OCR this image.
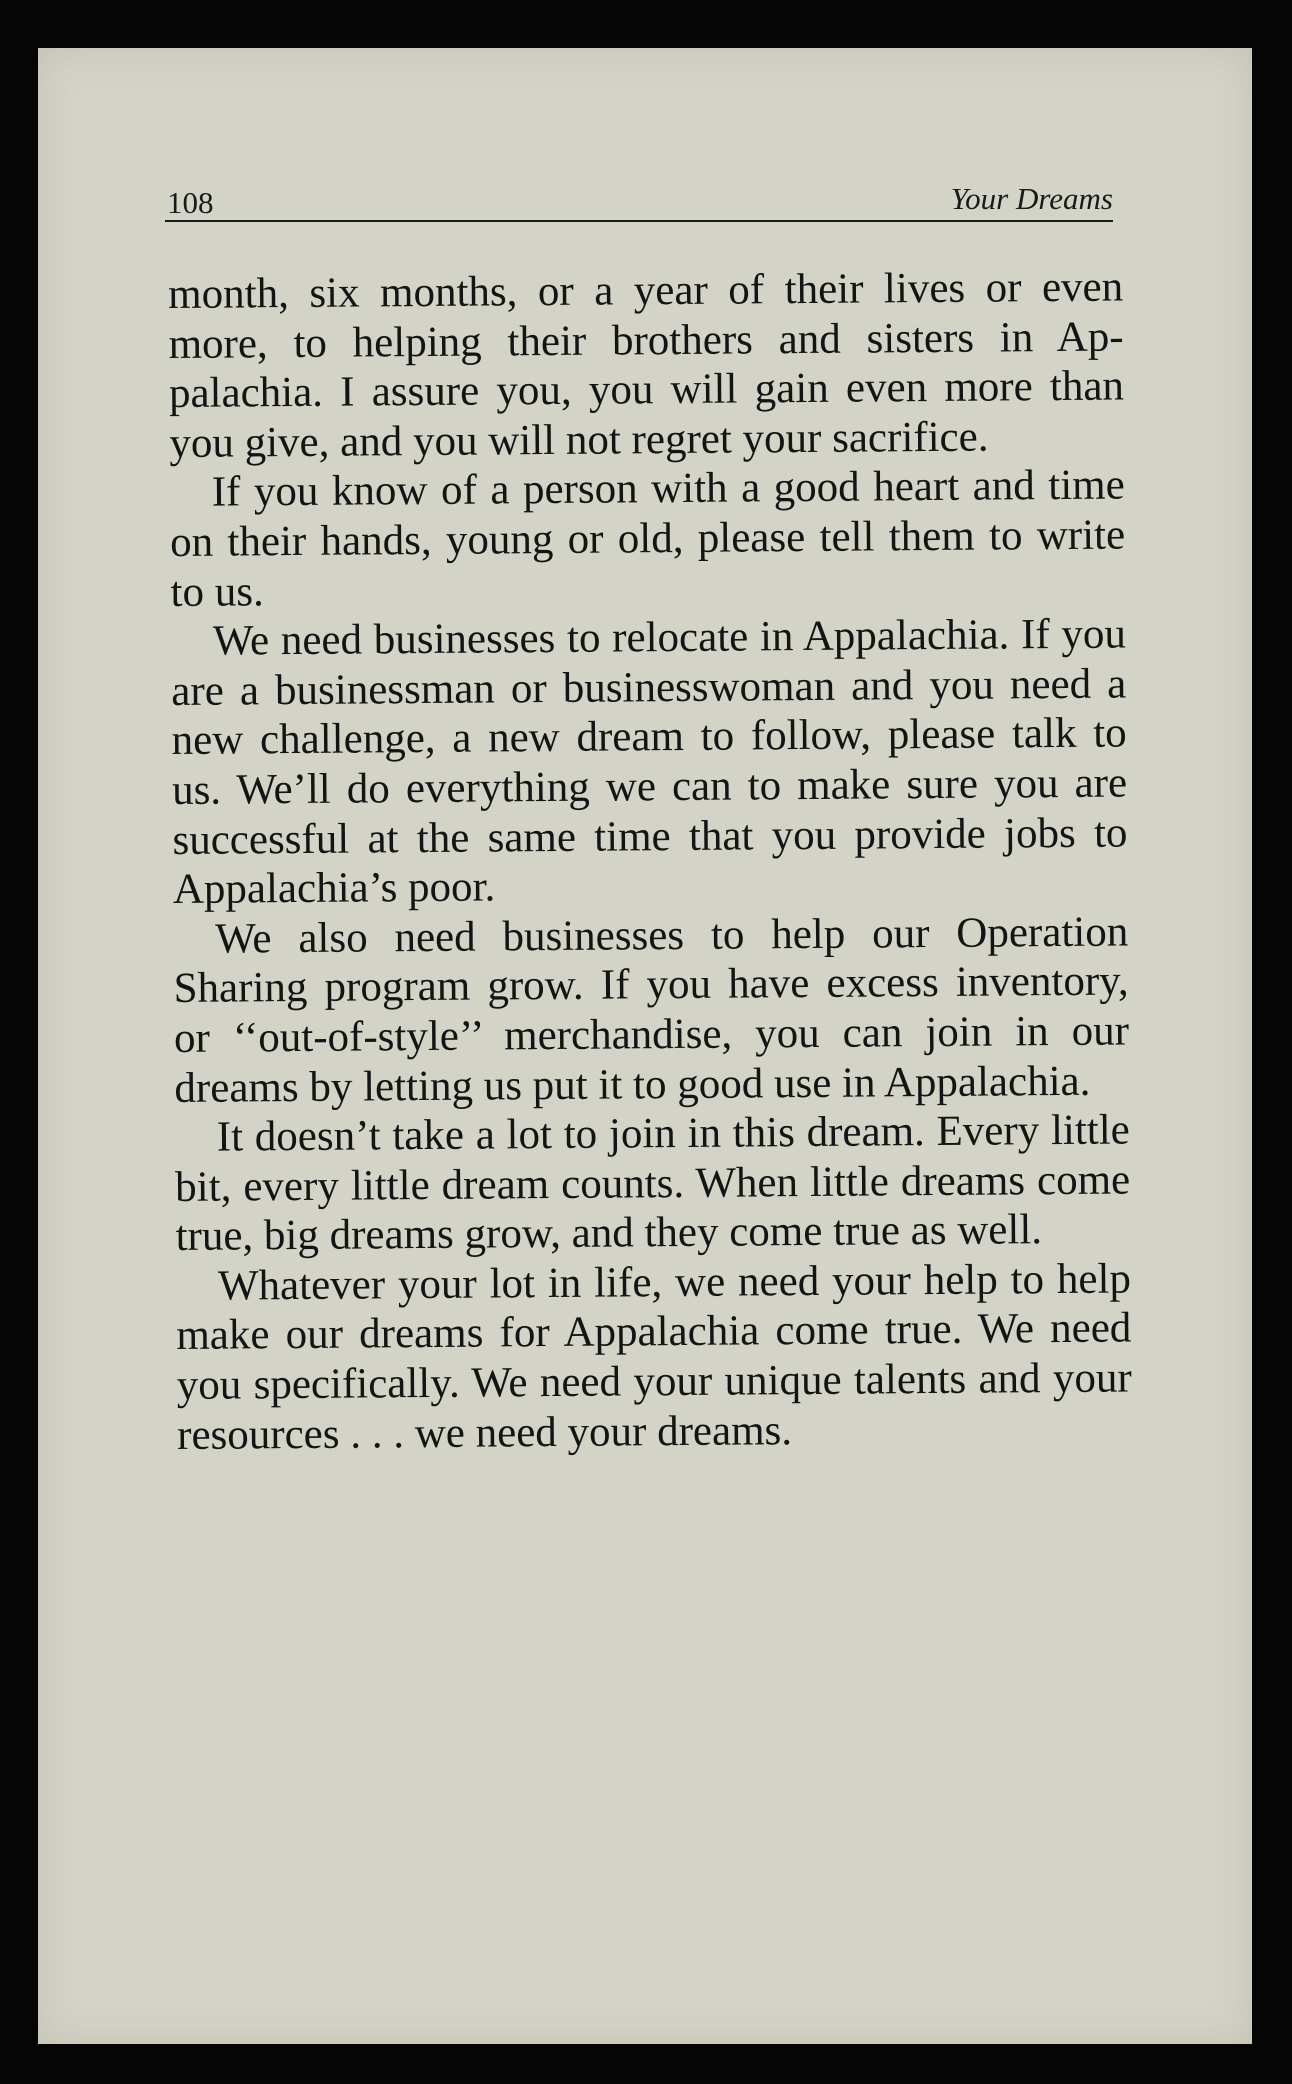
108	Your Dreams

month, six months, or a year of their lives or even more, to helping their brothers and sisters in Appalachia. I assure you, you will gain even more than you give, and you will not regret your sacrifice.

If you know of a person with a good heart and time on their hands, young or old, please tell them to write to us.

We need businesses to relocate in Appalachia. If you are a businessman or businesswoman and you need a new challenge, a new dream to follow, please talk to us. We’ll do everything we can to make sure you are successful at the same time that you provide jobs to Appalachia’s poor.

We also need businesses to help our Operation Sharing program grow. If you have excess inventory, or ‘‘out-of-style’’ merchandise, you can join in our dreams by letting us put it to good use in Appalachia.

It doesn’t take a lot to join in this dream. Every little bit, every little dream counts. When little dreams come true, big dreams grow, and they come true as well.

Whatever your lot in life, we need your help to help make our dreams for Appalachia come true. We need you specifically. We need your unique talents and your resources . . . we need your dreams.
